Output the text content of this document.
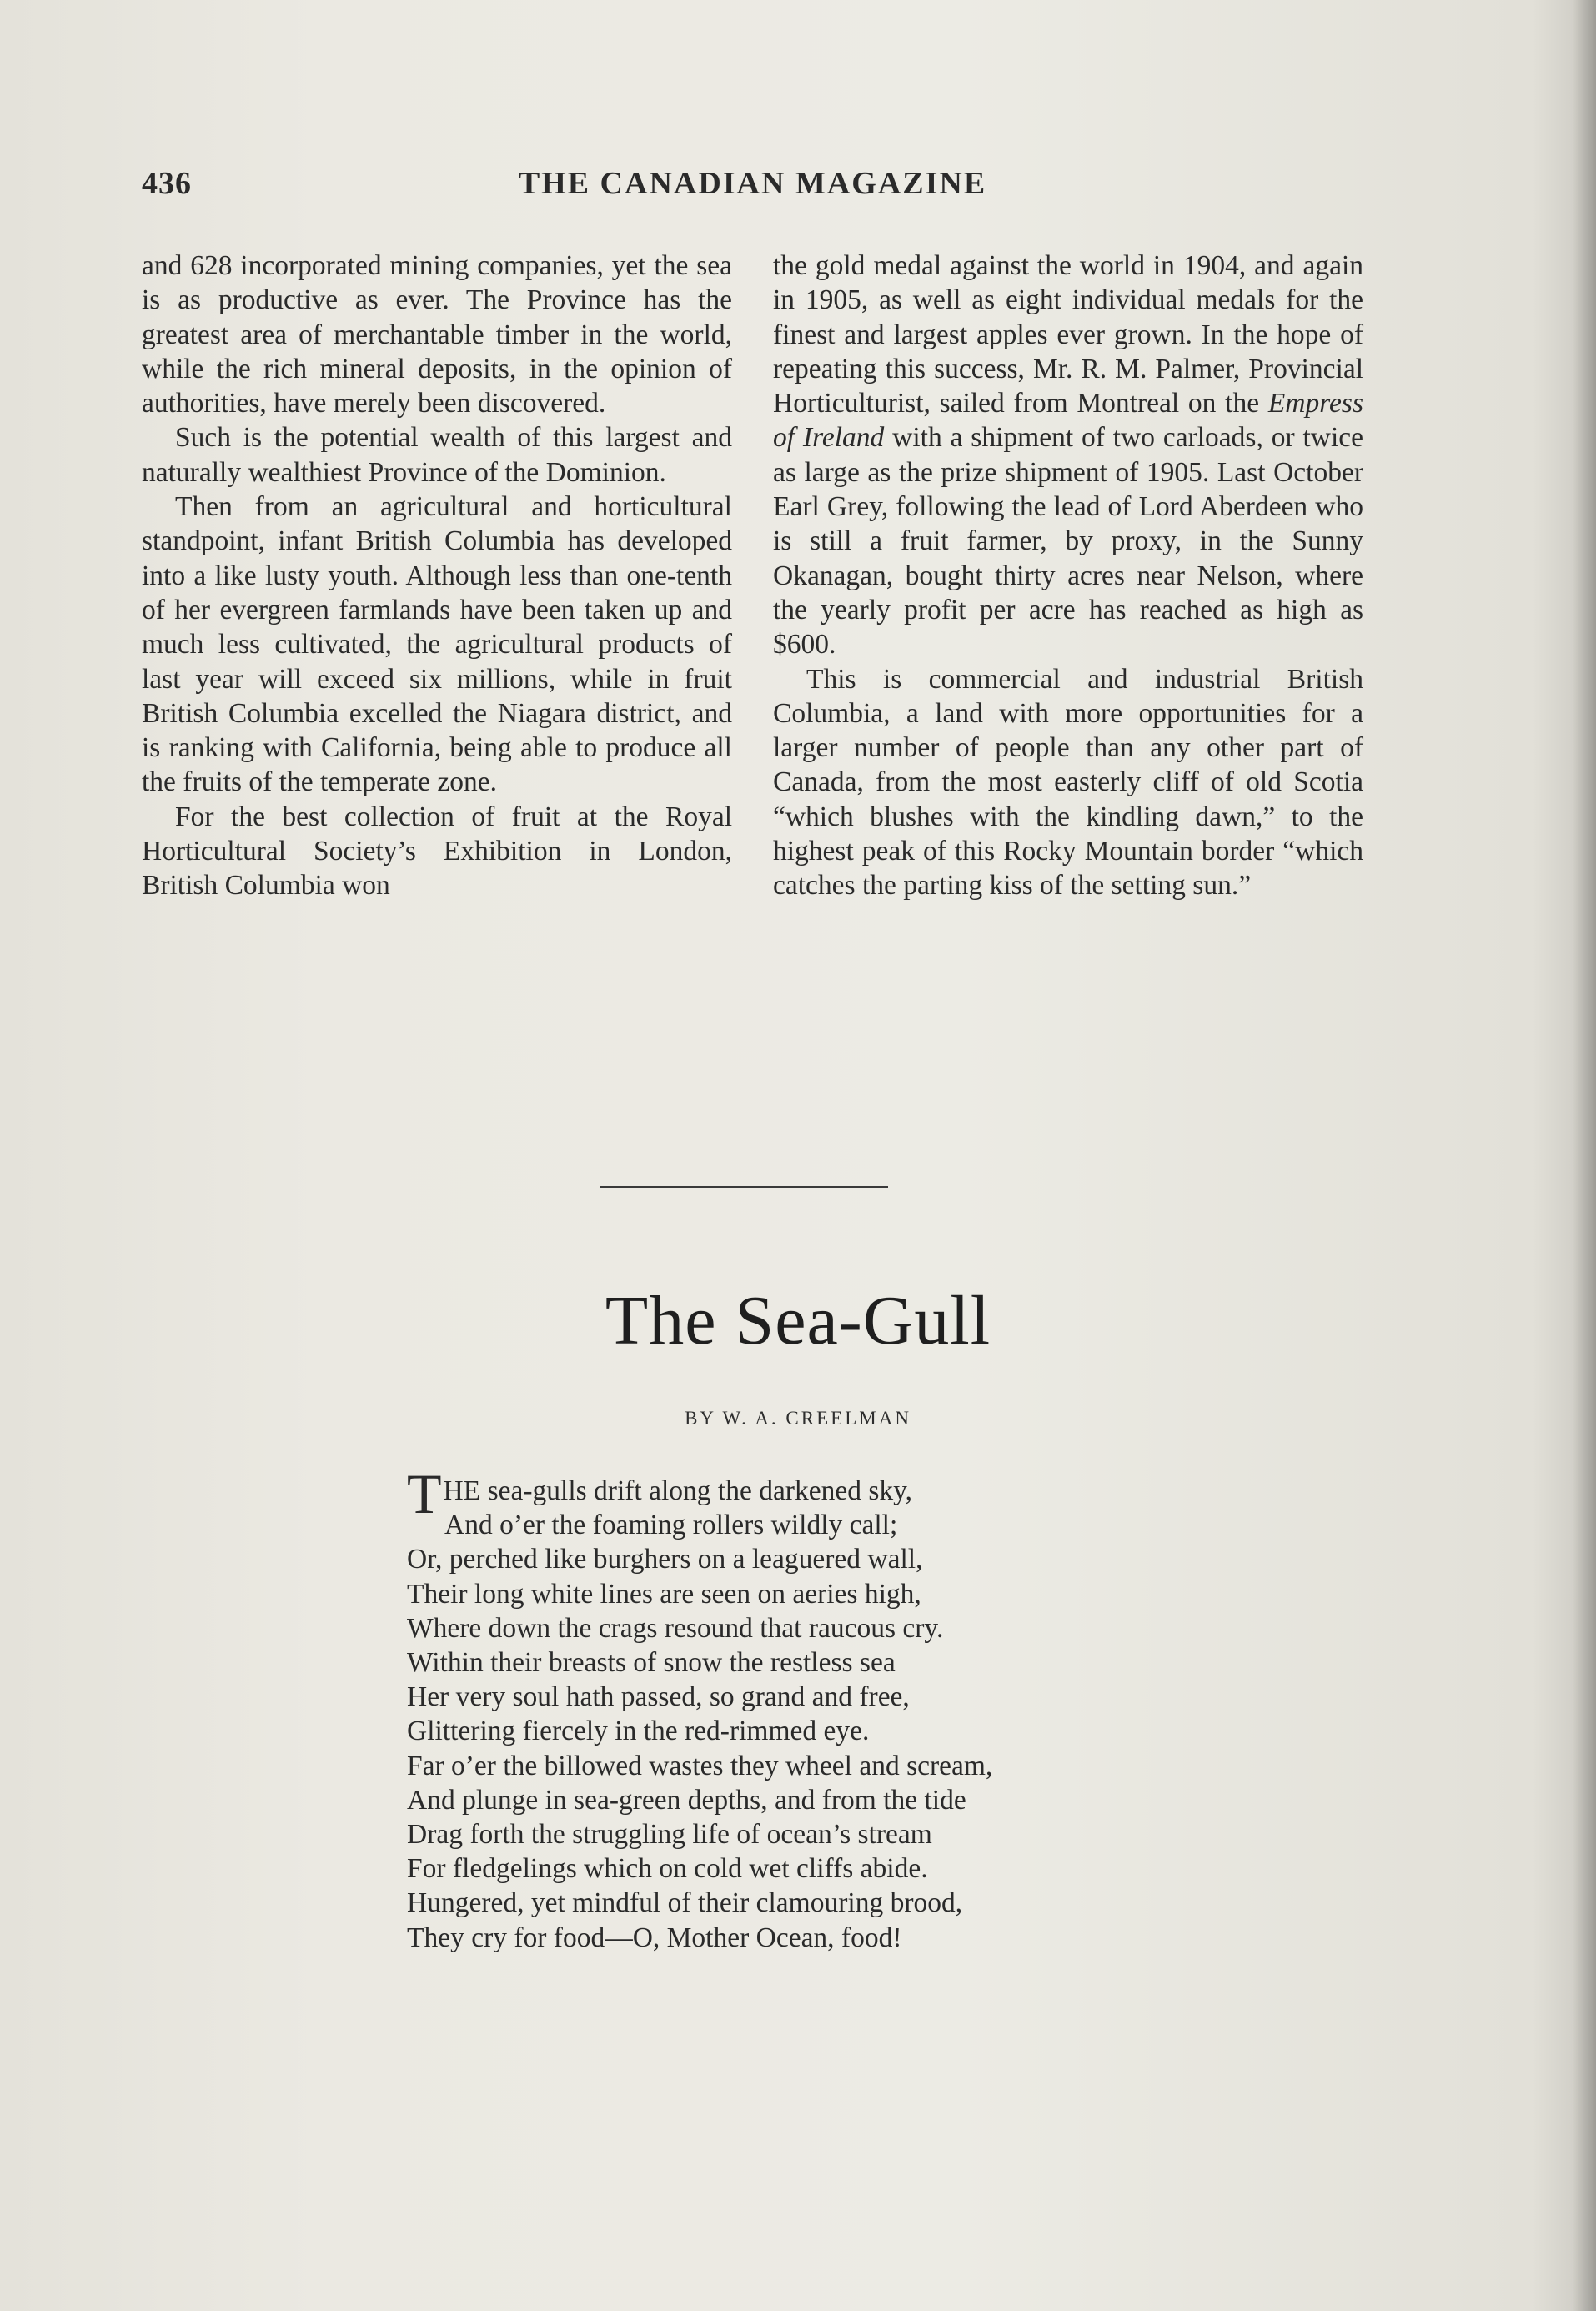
436	THE CANADIAN MAGAZINE

and 628 incorporated mining companies, yet the sea is as productive as ever. The Province has the greatest area of merchantable timber in the world, while the rich mineral deposits, in the opinion of authorities, have merely been discovered.

Such is the potential wealth of this largest and naturally wealthiest Province of the Dominion.

Then from an agricultural and horticultural standpoint, infant British Columbia has developed into a like lusty youth. Although less than one-tenth of her evergreen farmlands have been taken up and much less cultivated, the agricultural products of last year will exceed six millions, while in fruit British Columbia excelled the Niagara district, and is ranking with California, being able to produce all the fruits of the temperate zone.

For the best collection of fruit at the Royal Horticultural Society’s Exhibition in London, British Columbia won

the gold medal against the world in 1904, and again in 1905, as well as eight individual medals for the finest and largest apples ever grown. In the hope of repeating this success, Mr. R. M. Palmer, Provincial Horticulturist, sailed from Montreal on the Empress of Ireland with a shipment of two carloads, or twice as large as the prize shipment of 1905. Last October Earl Grey, following the lead of Lord Aberdeen who is still a fruit farmer, by proxy, in the Sunny Okanagan, bought thirty acres near Nelson, where the yearly profit per acre has reached as high as $600.

This is commercial and industrial British Columbia, a land with more opportunities for a larger number of people than any other part of Canada, from the most easterly cliff of old Scotia “which blushes with the kindling dawn,” to the highest peak of this Rocky Mountain border “which catches the parting kiss of the setting sun.”

The Sea-Gull
BY W. A. CREELMAN
THE sea-gulls drift along the darkened sky,
And o’er the foaming rollers wildly call;
Or, perched like burghers on a leaguered wall,
Their long white lines are seen on aeries high,
Where down the crags resound that raucous cry.
Within their breasts of snow the restless sea
Her very soul hath passed, so grand and free,
Glittering fiercely in the red-rimmed eye.
Far o’er the billowed wastes they wheel and scream,
And plunge in sea-green depths, and from the tide
Drag forth the struggling life of ocean’s stream
For fledgelings which on cold wet cliffs abide.
Hungered, yet mindful of their clamouring brood,
They cry for food—O, Mother Ocean, food!
